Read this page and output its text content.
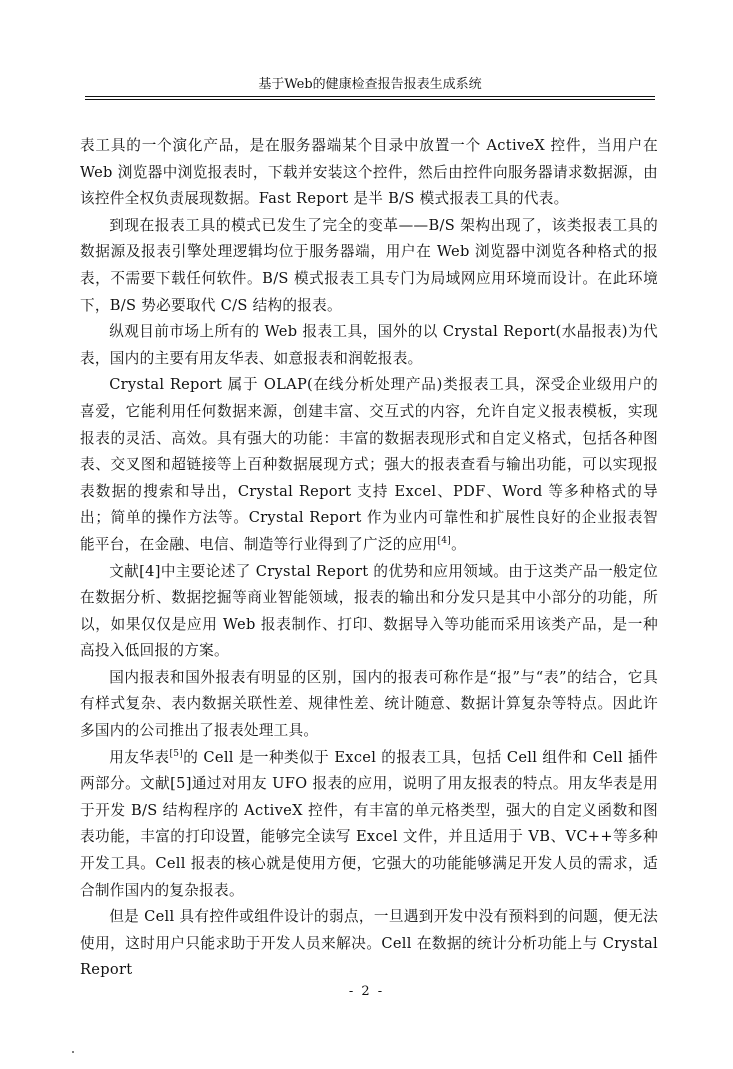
基于Web的健康检查报告报表生成系统

表工具的一个演化产品，是在服务器端某个目录中放置一个 ActiveX 控件，当用户在 Web 浏览器中浏览报表时，下载并安装这个控件，然后由控件向服务器请求数据源，由该控件全权负责展现数据。Fast Report 是半 B/S 模式报表工具的代表。

到现在报表工具的模式已发生了完全的变革——B/S 架构出现了，该类报表工具的数据源及报表引擎处理逻辑均位于服务器端，用户在 Web 浏览器中浏览各种格式的报表，不需要下载任何软件。B/S 模式报表工具专门为局域网应用环境而设计。在此环境下，B/S 势必要取代 C/S 结构的报表。

纵观目前市场上所有的 Web 报表工具，国外的以 Crystal Report(水晶报表)为代表，国内的主要有用友华表、如意报表和润乾报表。

Crystal Report 属于 OLAP(在线分析处理产品)类报表工具，深受企业级用户的喜爱，它能利用任何数据来源，创建丰富、交互式的内容，允许自定义报表模板，实现报表的灵活、高效。具有强大的功能：丰富的数据表现形式和自定义格式，包括各种图表、交叉图和超链接等上百种数据展现方式；强大的报表查看与输出功能，可以实现报表数据的搜索和导出，Crystal Report 支持 Excel、PDF、Word 等多种格式的导出；简单的操作方法等。Crystal Report 作为业内可靠性和扩展性良好的企业报表智能平台，在金融、电信、制造等行业得到了广泛的应用[4]。

文献[4]中主要论述了 Crystal Report 的优势和应用领域。由于这类产品一般定位在数据分析、数据挖掘等商业智能领域，报表的输出和分发只是其中小部分的功能，所以，如果仅仅是应用 Web 报表制作、打印、数据导入等功能而采用该类产品，是一种高投入低回报的方案。

国内报表和国外报表有明显的区别，国内的报表可称作是“报”与“表”的结合，它具有样式复杂、表内数据关联性差、规律性差、统计随意、数据计算复杂等特点。因此许多国内的公司推出了报表处理工具。

用友华表[5]的 Cell 是一种类似于 Excel 的报表工具，包括 Cell 组件和 Cell 插件两部分。文献[5]通过对用友 UFO 报表的应用，说明了用友报表的特点。用友华表是用于开发 B/S 结构程序的 ActiveX 控件，有丰富的单元格类型，强大的自定义函数和图表功能，丰富的打印设置，能够完全读写 Excel 文件，并且适用于 VB、VC++等多种开发工具。Cell 报表的核心就是使用方便，它强大的功能能够满足开发人员的需求，适合制作国内的复杂报表。

但是 Cell 具有控件或组件设计的弱点，一旦遇到开发中没有预料到的问题，便无法使用，这时用户只能求助于开发人员来解决。Cell 在数据的统计分析功能上与 Crystal Report

- 2 -
